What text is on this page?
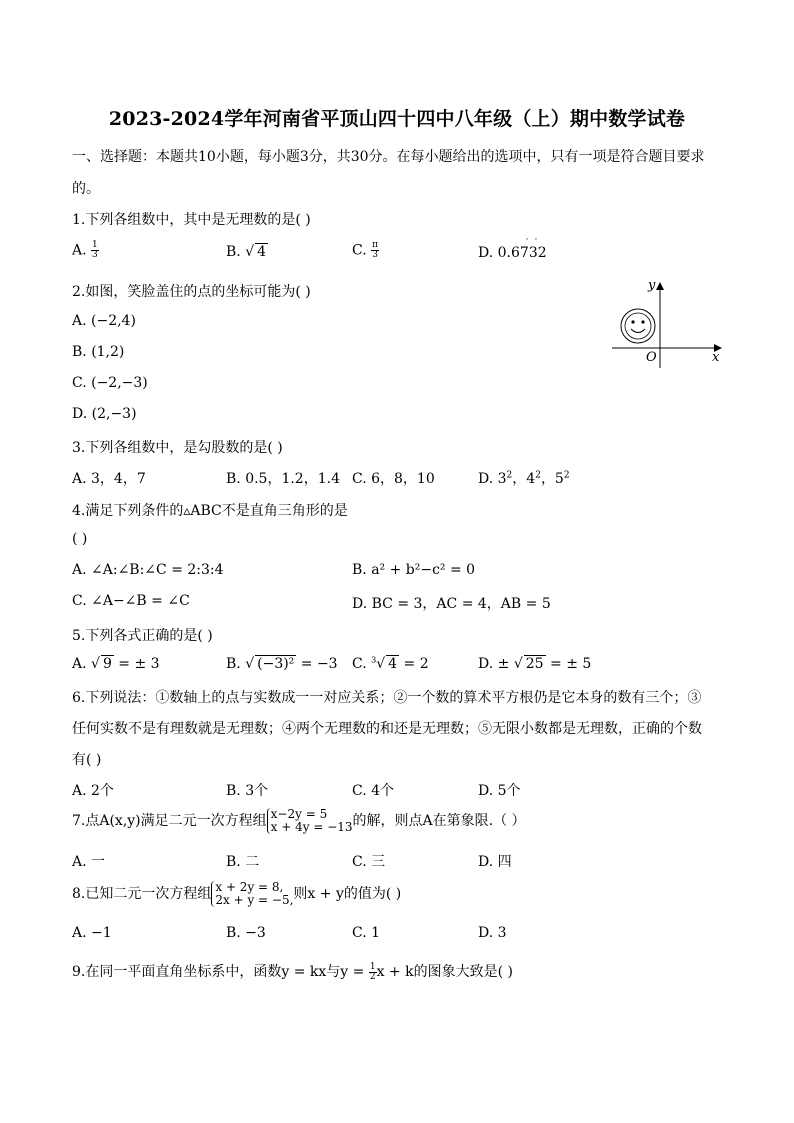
2023-2024学年河南省平顶山四十四中八年级（上）期中数学试卷
一、选择题：本题共10小题，每小题3分，共30分。在每小题给出的选项中，只有一项是符合题目要求
的。
1.下列各组数中，其中是无理数的是( )
A. $\frac{1}{3}$	B. √ 4	C. $\frac{\pi}{3}$	D. 0.6732
··
2.如图，笑脸盖住的点的坐标可能为( )
A. (−2,4)
B. (1,2)
C. (−2,−3)
D. (2,−3)
y
x
O
3.下列各组数中，是勾股数的是( )
A. 3，4，7	B. 0.5，1.2，1.4 C. 6，8，10	D. $3^2$，$4^2$，$5^2$
4.满足下列条件的▵ABC不是直角三角形的是
( )
A. ∠A:∠B:∠C = 2:3:4	B. a² + b²−c² = 0
C. ∠A−∠B = ∠C	D. BC = 3，AC = 4，AB = 5
5.下列各式正确的是( )
A. √ 9 = ± 3	B. √ (−3)² = −3 C. $^3$√ 4 = 2	D. ± √ 25 = ± 5
6.下列说法：①数轴上的点与实数成一一对应关系；②一个数的算术平方根仍是它本身的数有三个；③
任何实数不是有理数就是无理数；④两个无理数的和还是无理数；⑤无限小数都是无理数，正确的个数
有( )
A. 2个	B. 3个	C. 4个	D. 5个
7.点A(x,y)满足二元一次方程组 x−2y = 5
x + 4y = −13 的解，则点A在第象限.（ ）
A. 一	B. 二	C. 三	D. 四
8.已知二元一次方程组 x + 2y = 8,
2x + y = −5, 则x + y的值为( )
A. −1	B. −3	C. 1	D. 3
9.在同一平面直角坐标系中，函数y = kx与$y = \frac{1}{2}$ x + k的图象大致是( )
